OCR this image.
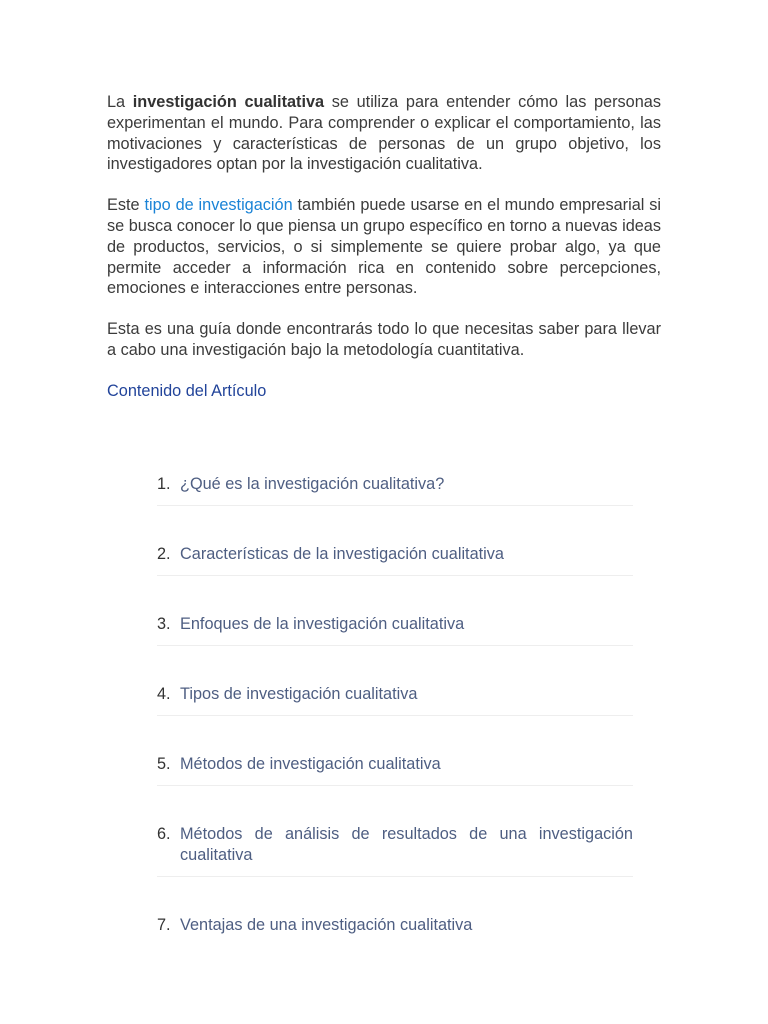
La investigación cualitativa se utiliza para entender cómo las personas experimentan el mundo. Para comprender o explicar el comportamiento, las motivaciones y características de personas de un grupo objetivo, los investigadores optan por la investigación cualitativa.

Este tipo de investigación también puede usarse en el mundo empresarial si se busca conocer lo que piensa un grupo específico en torno a nuevas ideas de productos, servicios, o si simplemente se quiere probar algo, ya que permite acceder a información rica en contenido sobre percepciones, emociones e interacciones entre personas.

Esta es una guía donde encontrarás todo lo que necesitas saber para llevar a cabo una investigación bajo la metodología cuantitativa.

Contenido del Artículo
1. ¿Qué es la investigación cualitativa?
2. Características de la investigación cualitativa
3. Enfoques de la investigación cualitativa
4. Tipos de investigación cualitativa
5. Métodos de investigación cualitativa
6. Métodos de análisis de resultados de una investigación cualitativa
7. Ventajas de una investigación cualitativa
